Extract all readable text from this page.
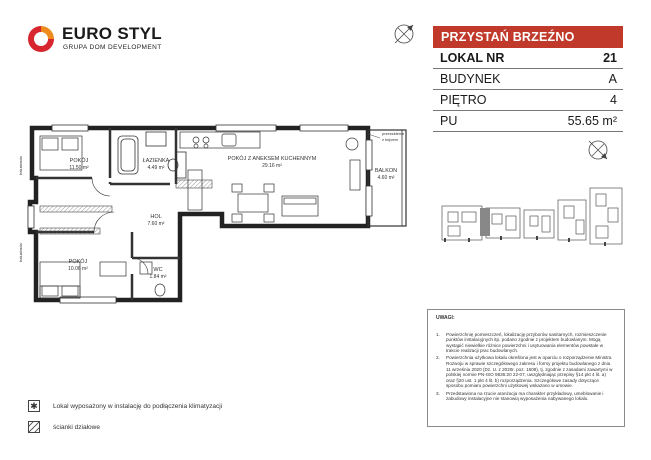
EURO STYL
GRUPA DOM DEVELOPMENT
PRZYSTAŃ BRZEŹNO
LOKAL NR	21
BUDYNEK	A
PIĘTRO	4
PU	55.65 m²
UWAGI:
1.	Powierzchnię pomieszczeń, lokalizację przyborów sanitarnych, rozmieszczenie punktów instalacyjnych itp. podano zgodnie z projektem budowlanym. Mogą wystąpić niewielkie różnice powierzchni i usytuowania elementów powstałe w trakcie realizacji prac budowlanych.
2.	Powierzchnia użytkowa lokalu określona jest w oparciu o rozporządzenie Ministra Rozwoju w sprawie szczegółowego zakresu i formy projektu budowlanego z dnia 11 września 2020 (Dz. U. z 2020r. poz. 1609), tj. zgodnie z zasadami zawartymi w polskiej normie PN-ISO 9836:20 22-07, uwzględniając przepisy §14 pkt 4 lit. a) oraz §20 ust. 1 pkt 4 lit. b) rozporządzenia. Szczegółowe zasady dotyczące sposobu pomiaru powierzchni użytkowej wskazano w umowie.
3.	Przedstawiona na rzucie aranżacja ma charakter przykładowy, umeblowanie i zabudowy instalacyjne nie stanowią wyposażenia nabywanego lokalu.
✱	Lokal wyposażony w instalację do podłączenia klimatyzacji
ścianki działowe
POKÓJ
11.50 m²
ŁAZIENKA
4.49 m²
POKÓJ Z ANEKSEM KUCHENNYM
29.16 m²
BALKON
4.60 m²
HOL
7.60 m²
POKÓJ
10.06 m²	WC
1.84 m²
przeszklenie
z bejcem
balustrada
balustrada
